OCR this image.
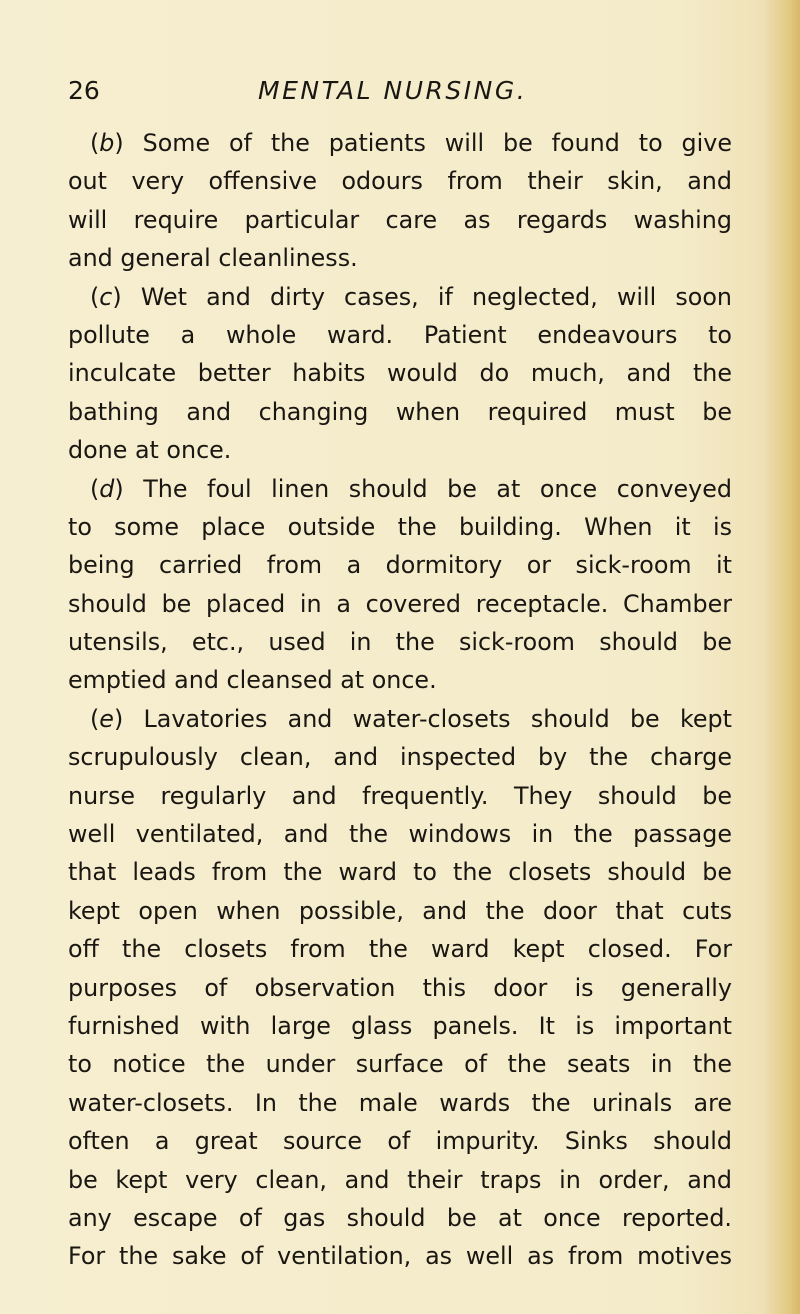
26	MENTAL NURSING.
(b) Some of the patients will be found to give
out very offensive odours from their skin, and
will require particular care as regards washing
and general cleanliness.
(c) Wet and dirty cases, if neglected, will soon
pollute a whole ward. Patient endeavours to
inculcate better habits would do much, and the
bathing and changing when required must be
done at once.
(d) The foul linen should be at once conveyed
to some place outside the building. When it is
being carried from a dormitory or sick-room it
should be placed in a covered receptacle. Chamber
utensils, etc., used in the sick-room should be
emptied and cleansed at once.
(e) Lavatories and water-closets should be kept
scrupulously clean, and inspected by the charge
nurse regularly and frequently. They should be
well ventilated, and the windows in the passage
that leads from the ward to the closets should be
kept open when possible, and the door that cuts
off the closets from the ward kept closed. For
purposes of observation this door is generally
furnished with large glass panels. It is important
to notice the under surface of the seats in the
water-closets. In the male wards the urinals are
often a great source of impurity. Sinks should
be kept very clean, and their traps in order, and
any escape of gas should be at once reported.
For the sake of ventilation, as well as from motives
